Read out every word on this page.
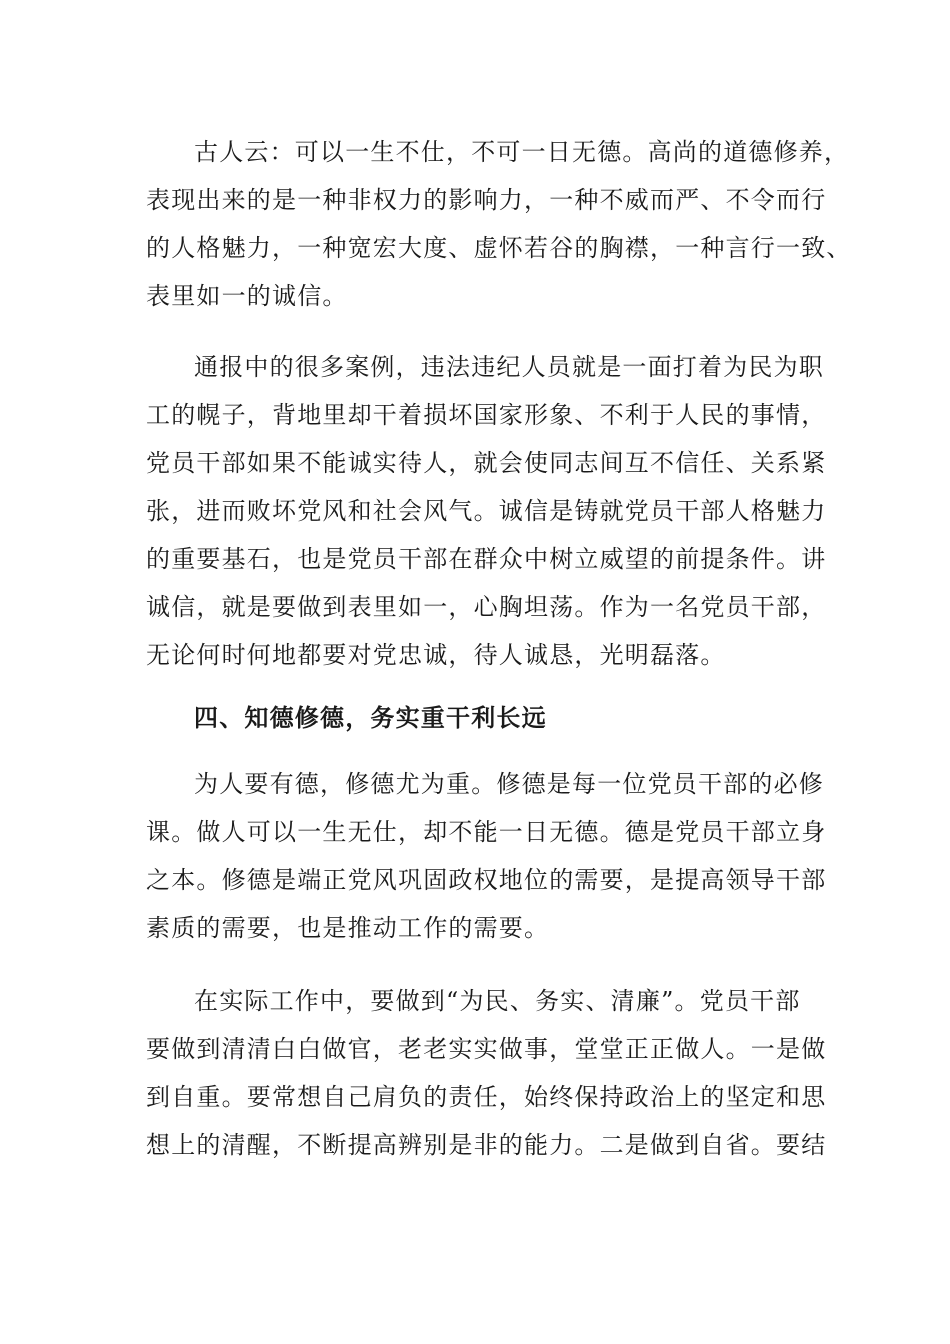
古人云：可以一生不仕，不可一日无德。高尚的道德修养，
表现出来的是一种非权力的影响力，一种不威而严、不令而行
的人格魅力，一种宽宏大度、虚怀若谷的胸襟，一种言行一致、
表里如一的诚信。

通报中的很多案例，违法违纪人员就是一面打着为民为职
工的幌子，背地里却干着损坏国家形象、不利于人民的事情，
党员干部如果不能诚实待人，就会使同志间互不信任、关系紧
张，进而败坏党风和社会风气。诚信是铸就党员干部人格魅力
的重要基石，也是党员干部在群众中树立威望的前提条件。讲
诚信，就是要做到表里如一，心胸坦荡。作为一名党员干部，
无论何时何地都要对党忠诚，待人诚恳，光明磊落。

四、知德修德，务实重干利长远

为人要有德，修德尤为重。修德是每一位党员干部的必修
课。做人可以一生无仕，却不能一日无德。德是党员干部立身
之本。修德是端正党风巩固政权地位的需要，是提高领导干部
素质的需要，也是推动工作的需要。

在实际工作中，要做到“为民、务实、清廉”。党员干部
要做到清清白白做官，老老实实做事，堂堂正正做人。一是做
到自重。要常想自己肩负的责任，始终保持政治上的坚定和思
想上的清醒，不断提高辨别是非的能力。二是做到自省。要结
